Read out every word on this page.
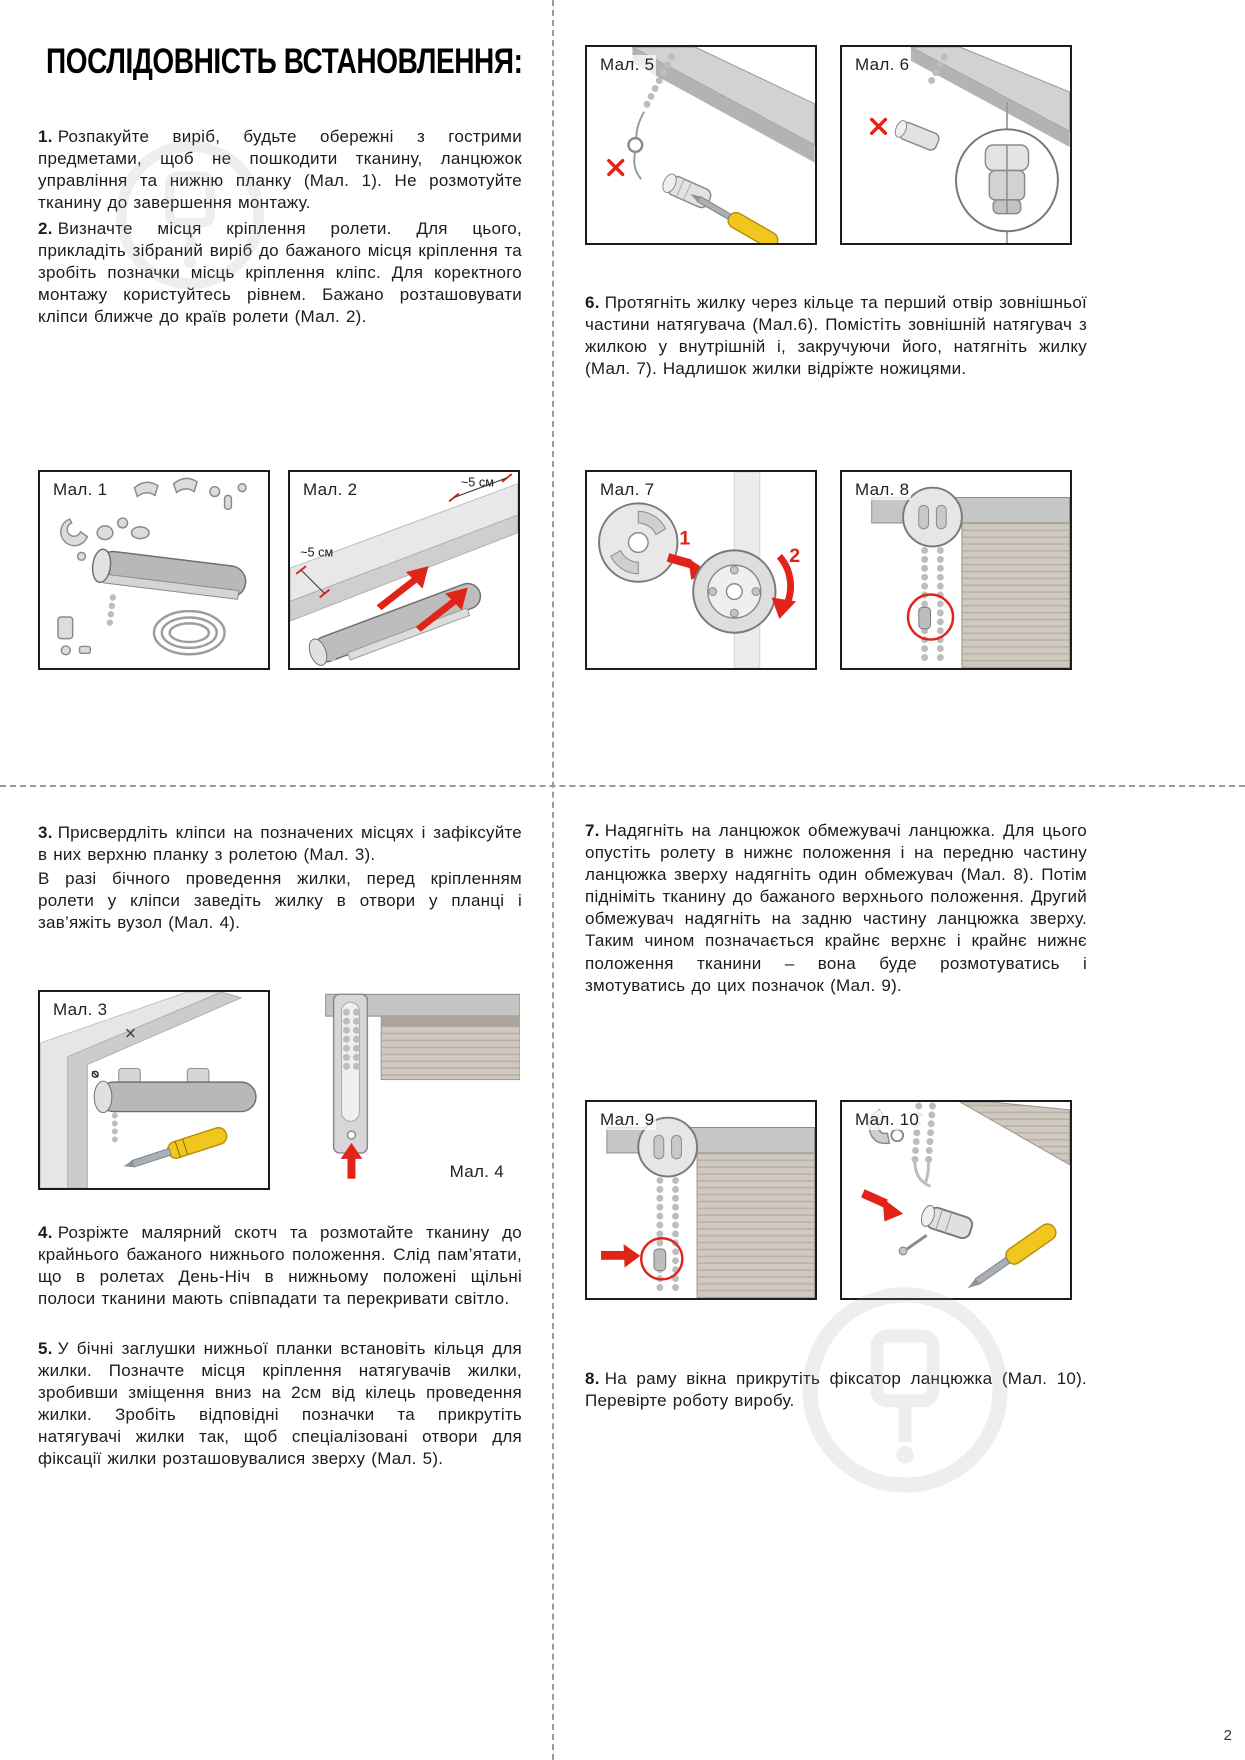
ПОСЛІДОВНІСТЬ ВСТАНОВЛЕННЯ:

1. Розпакуйте виріб, будьте обережні з гострими предметами, щоб не пошкодити тканину, ланцюжок управління та нижню планку (Мал. 1). Не розмотуйте тканину до завершення монтажу.

2. Визначте місця кріплення ролети. Для цього, прикладіть зібраний виріб до бажаного місця кріплення та зробіть позначки місць кріплення кліпс. Для коректного монтажу користуйтесь рівнем. Бажано розташовувати кліпси ближче до країв ролети (Мал. 2).

6. Протягніть жилку через кільце та перший отвір зовнішньої частини натягувача (Мал.6). Помістіть зовнішній натягувач з жилкою у внутрішній і, закручуючи його, натягніть жилку (Мал. 7). Надлишок жилки відріжте ножицями.

3. Присвердліть кліпси на позначених місцях і зафіксуйте в них верхню планку з ролетою (Мал. 3).
В разі бічного проведення жилки, перед кріпленням ролети у кліпси заведіть жилку в отвори у планці і зав’яжіть вузол (Мал. 4).

4. Розріжте малярний скотч та розмотайте тканину до крайнього бажаного нижнього положення. Слід пам’ятати, що в ролетах День-Ніч в нижньому положені щільні полоси тканини мають співпадати та перекривати світло.

5. У бічні заглушки нижньої планки встановіть кільця для жилки. Позначте місця кріплення натягувачів жилки, зробивши зміщення вниз на 2см від кілець проведення жилки. Зробіть відповідні позначки та прикрутіть натягувачі жилки так, щоб спеціалізовані отвори для фіксації жилки розташовувалися зверху (Мал. 5).

7. Надягніть на ланцюжок обмежувачі ланцюжка. Для цього опустіть ролету в нижнє положення і на передню частину ланцюжка зверху надягніть один обмежувач (Мал. 8). Потім підніміть тканину до бажаного верхнього положення. Другий обмежувач надягніть на задню частину ланцюжка зверху. Таким чином позначається крайнє верхнє і крайнє нижнє положення тканини – вона буде розмотуватись і змотуватись до цих позначок (Мал. 9).

8. На раму вікна прикрутіть фіксатор ланцюжка (Мал. 10). Перевірте роботу виробу.

Мал. 5	Мал. 6
Мал. 1	Мал. 2	~5 см
~5 см
Мал. 7
1
2
Мал. 8
Мал. 3
Мал. 4
Мал. 9	Мал. 10
2
